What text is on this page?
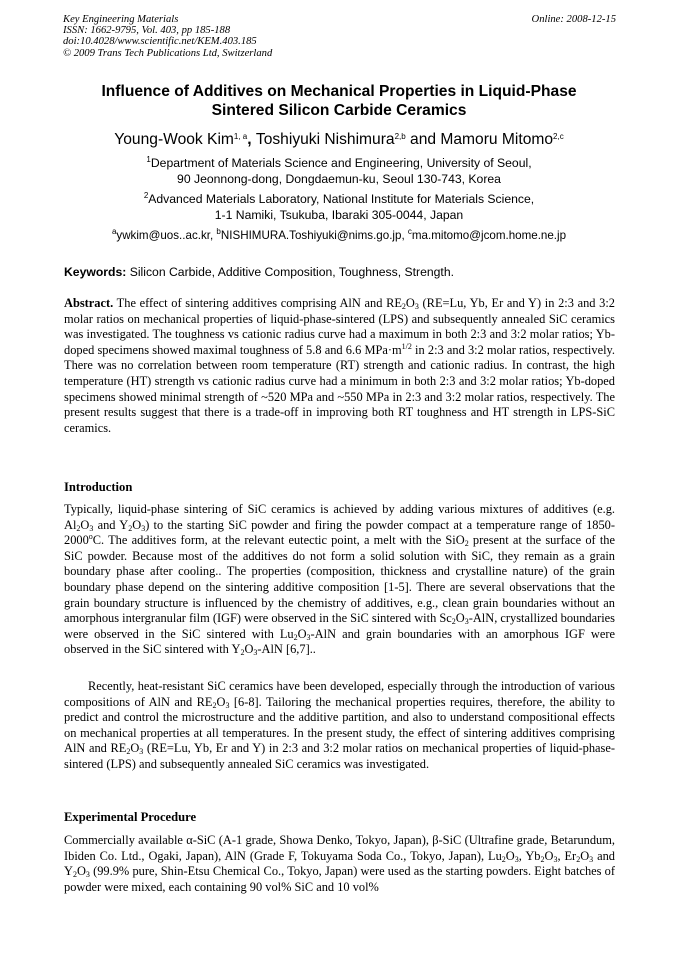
Key Engineering Materials
ISSN: 1662-9795, Vol. 403, pp 185-188
doi:10.4028/www.scientific.net/KEM.403.185
© 2009 Trans Tech Publications Ltd, Switzerland
Online: 2008-12-15
Influence of Additives on Mechanical Properties in Liquid-Phase
Sintered Silicon Carbide Ceramics
Young-Wook Kim$^{1, a}$, Toshiyuki Nishimura$^{2,b}$ and Mamoru Mitomo$^{2,c}$
$^1$Department of Materials Science and Engineering, University of Seoul,
90 Jeonnong-dong, Dongdaemun-ku, Seoul 130-743, Korea
$^2$Advanced Materials Laboratory, National Institute for Materials Science,
1-1 Namiki, Tsukuba, Ibaraki 305-0044, Japan
$^a$ywkim@uos..ac.kr, $^b$NISHIMURA.Toshiyuki@nims.go.jp, $^c$ma.mitomo@jcom.home.ne.jp
Keywords: Silicon Carbide, Additive Composition, Toughness, Strength.
Abstract. The effect of sintering additives comprising AlN and $RE_2O_3$ (RE=Lu, Yb, Er and Y) in 2:3 and 3:2 molar ratios on mechanical properties of liquid-phase-sintered (LPS) and subsequently annealed SiC ceramics was investigated. The toughness vs cationic radius curve had a maximum in both 2:3 and 3:2 molar ratios; Yb-doped specimens showed maximal toughness of 5.8 and 6.6 $MPa\cdot m^{1/2}$ in 2:3 and 3:2 molar ratios, respectively. There was no correlation between room temperature (RT) strength and cationic radius. In contrast, the high temperature (HT) strength vs cationic radius curve had a minimum in both 2:3 and 3:2 molar ratios; Yb-doped specimens showed minimal strength of ~520 MPa and ~550 MPa in 2:3 and 3:2 molar ratios, respectively. The present results suggest that there is a trade-off in improving both RT toughness and HT strength in LPS-SiC ceramics.
Introduction
Typically, liquid-phase sintering of SiC ceramics is achieved by adding various mixtures of additives (e.g. $Al_2O_3$ and $Y_2O_3$) to the starting SiC powder and firing the powder compact at a temperature range of 1850-2000$^o$C. The additives form, at the relevant eutectic point, a melt with the SiO$_2$ present at the surface of the SiC powder. Because most of the additives do not form a solid solution with SiC, they remain as a grain boundary phase after cooling.. The properties (composition, thickness and crystalline nature) of the grain boundary phase depend on the sintering additive composition [1-5]. There are several observations that the grain boundary structure is influenced by the chemistry of additives, e.g., clean grain boundaries without an amorphous intergranular film (IGF) were observed in the SiC sintered with $Sc_2O_3$-AlN, crystallized boundaries were observed in the SiC sintered with $Lu_2O_3$-AlN and grain boundaries with an amorphous IGF were observed in the SiC sintered with $Y_2O_3$-AlN [6,7]..
Recently, heat-resistant SiC ceramics have been developed, especially through the introduction of various compositions of AlN and $RE_2O_3$ [6-8]. Tailoring the mechanical properties requires, therefore, the ability to predict and control the microstructure and the additive partition, and also to understand compositional effects on mechanical properties at all temperatures. In the present study, the effect of sintering additives comprising AlN and $RE_2O_3$ (RE=Lu, Yb, Er and Y) in 2:3 and 3:2 molar ratios on mechanical properties of liquid-phase-sintered (LPS) and subsequently annealed SiC ceramics was investigated.
Experimental Procedure
Commercially available α-SiC (A-1 grade, Showa Denko, Tokyo, Japan), β-SiC (Ultrafine grade, Betarundum, Ibiden Co. Ltd., Ogaki, Japan), AlN (Grade F, Tokuyama Soda Co., Tokyo, Japan), $Lu_2O_3$, $Yb_2O_3$, $Er_2O_3$ and $Y_2O_3$ (99.9% pure, Shin-Etsu Chemical Co., Tokyo, Japan) were used as the starting powders. Eight batches of powder were mixed, each containing 90 vol% SiC and 10 vol%
